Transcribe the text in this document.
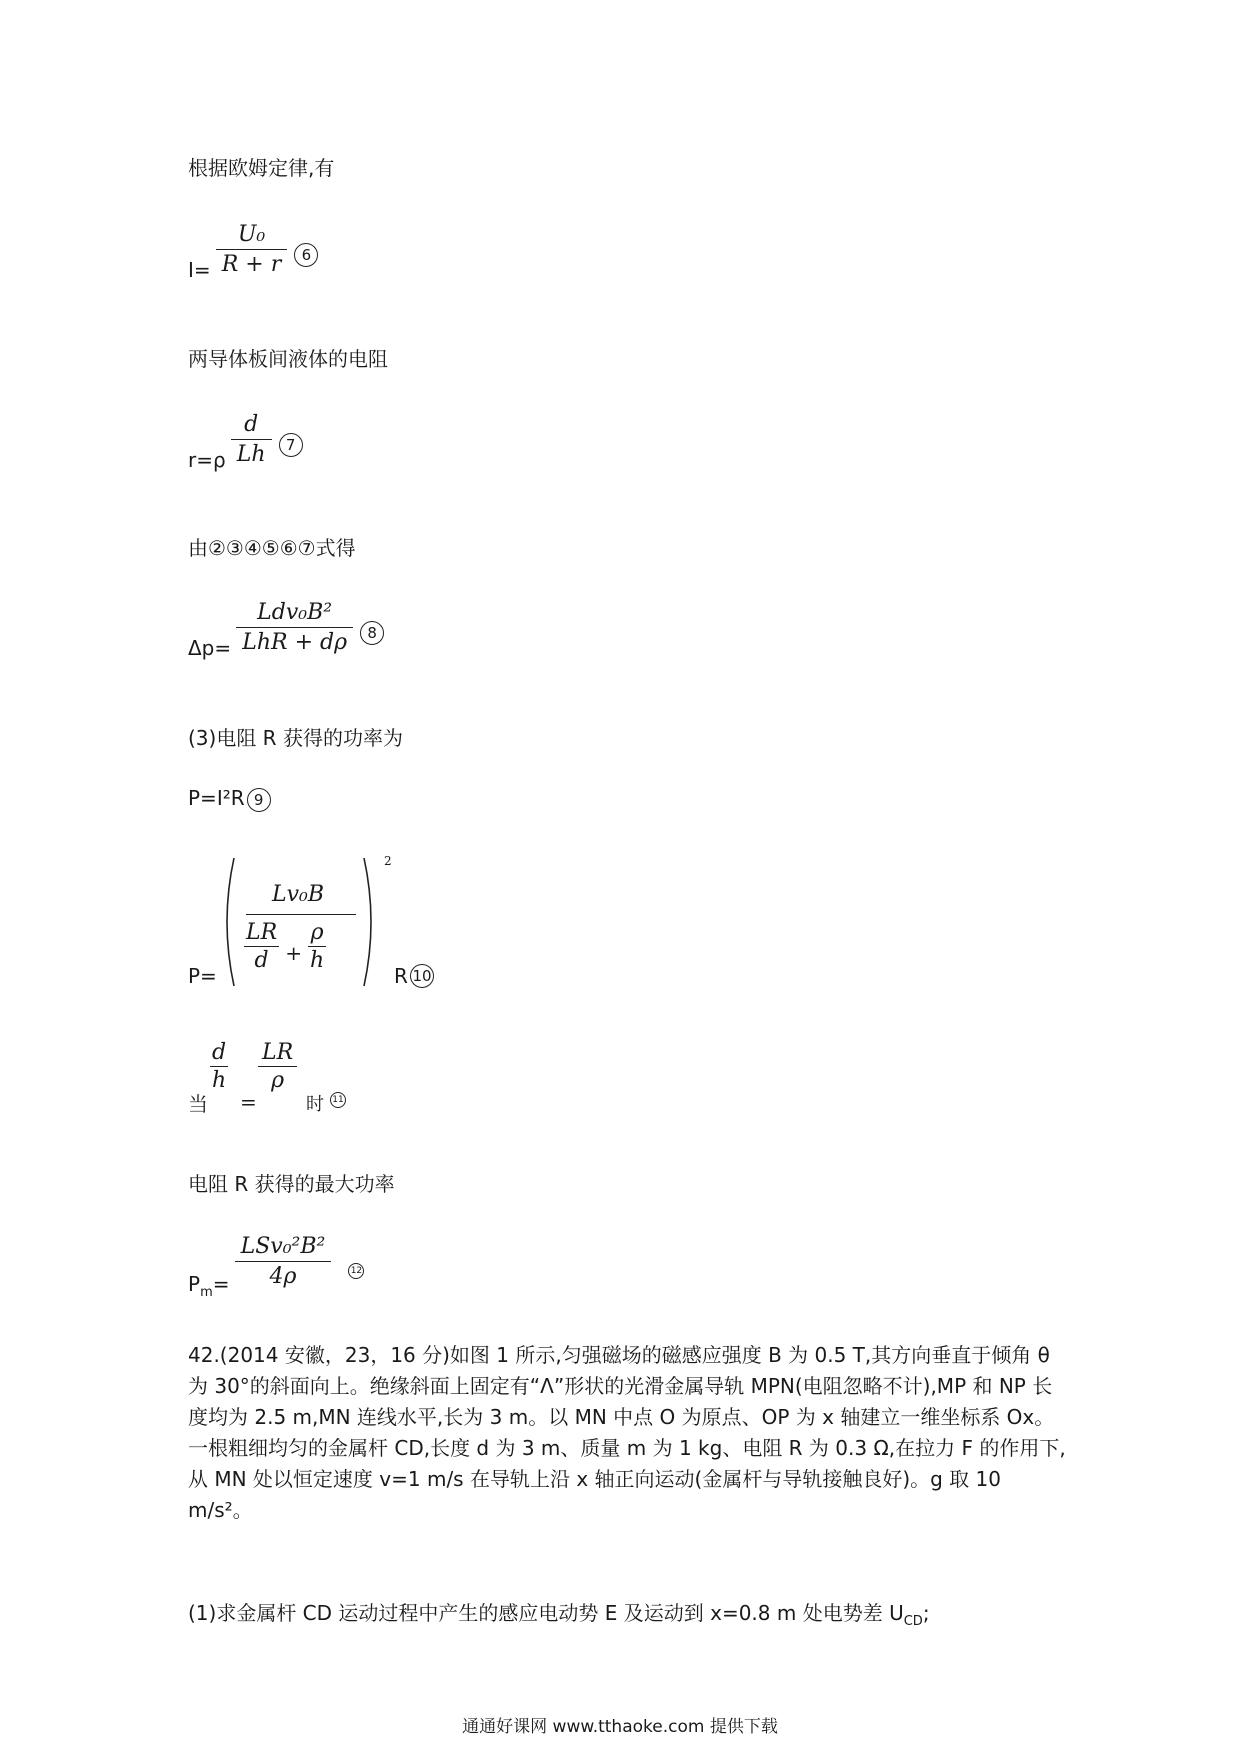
根据欧姆定律,有
$I= \frac{\text{U₀}}{R + r} 6$
两导体板间液体的电阻
$r=\rho \frac{d}{Lh} 7$
由②③④⑤⑥⑦式得
$\Delta p= \frac{\text{Ldv₀B²}}{\text{LhR + dρ}} 8$
(3)电阻 R 获得的功率为
P=I²R 9
P=
Lv₀B
$\frac{LR}{d} + \frac{\rho}{h}$
2
R 10
当
d
h
=
LR
ρ
时 11
电阻 R 获得的最大功率
$P_m= \frac{\text{LSv₀²B²}}{4\rho} 12$
42.(2014 安徽，23，16 分)如图 1 所示,匀强磁场的磁感应强度 B 为 0.5 T,其方向垂直于倾角 θ 为 30°的斜面向上。绝缘斜面上固定有“Λ”形状的光滑金属导轨 MPN(电阻忽略不计),MP 和 NP 长度均为 2.5 m,MN 连线水平,长为 3 m。以 MN 中点 O 为原点、OP 为 x 轴建立一维坐标系 Ox。一根粗细均匀的金属杆 CD,长度 d 为 3 m、质量 m 为 1 kg、电阻 R 为 0.3 Ω,在拉力 F 的作用下,从 MN 处以恒定速度 v=1 m/s 在导轨上沿 x 轴正向运动(金属杆与导轨接触良好)。g 取 10 m/s²。
(1)求金属杆 CD 运动过程中产生的感应电动势 E 及运动到 x=0.8 m 处电势差 $U_{CD}$;
通通好课网 www.tthaoke.com 提供下载
